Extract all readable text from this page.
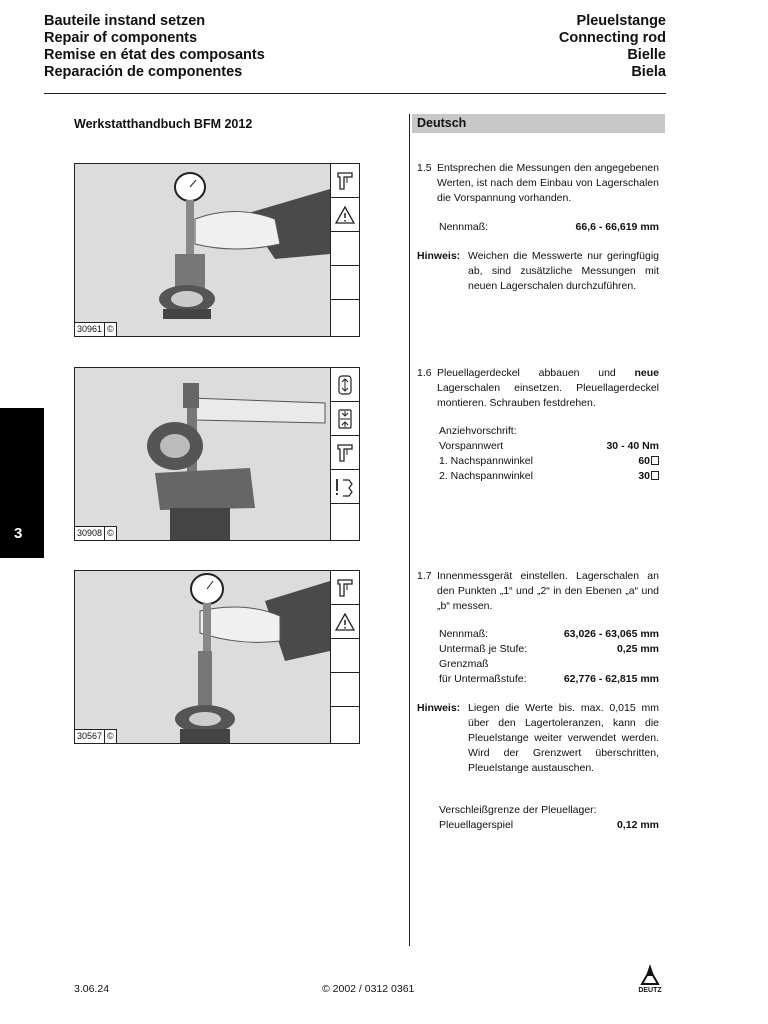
Bauteile instand setzen
Repair of components
Remise en état des composants
Reparación de componentes
Pleuelstange
Connecting rod
Bielle
Biela
Werkstatthandbuch BFM 2012	Deutsch
3
30961 ©
30908 ©
30567 ©
1.5 Entsprechen die Messungen den angegebenen Werten, ist nach dem Einbau von Lagerschalen die Vorspannung vorhanden.
Nennmaß:	66,6 - 66,619 mm
Hinweis: Weichen die Messwerte nur geringfügig ab, sind zusätzliche Messungen mit neuen Lagerschalen durchzuführen.
1.6 Pleuellagerdeckel abbauen und neue Lagerschalen einsetzen. Pleuellagerdeckel montieren. Schrauben festdrehen.
Anziehvorschrift:
Vorspannwert	30 - 40 Nm
1. Nachspannwinkel	60
2. Nachspannwinkel	30
1.7 Innenmessgerät einstellen. Lagerschalen an den Punkten „1“ und „2“ in den Ebenen „a“ und „b“ messen.
Nennmaß:	63,026 - 63,065 mm
Untermaß je Stufe:	0,25 mm
Grenzmaß
für Untermaßstufe:	62,776 - 62,815 mm
Hinweis: Liegen die Werte bis. max. 0,015 mm über den Lagertoleranzen, kann die Pleuelstange weiter verwendet werden. Wird der Grenzwert überschritten, Pleuelstange austauschen.
Verschleißgrenze der Pleuellager:
Pleuellagerspiel	0,12 mm
3.06.24	© 2002 / 0312 0361	DEUTZ
